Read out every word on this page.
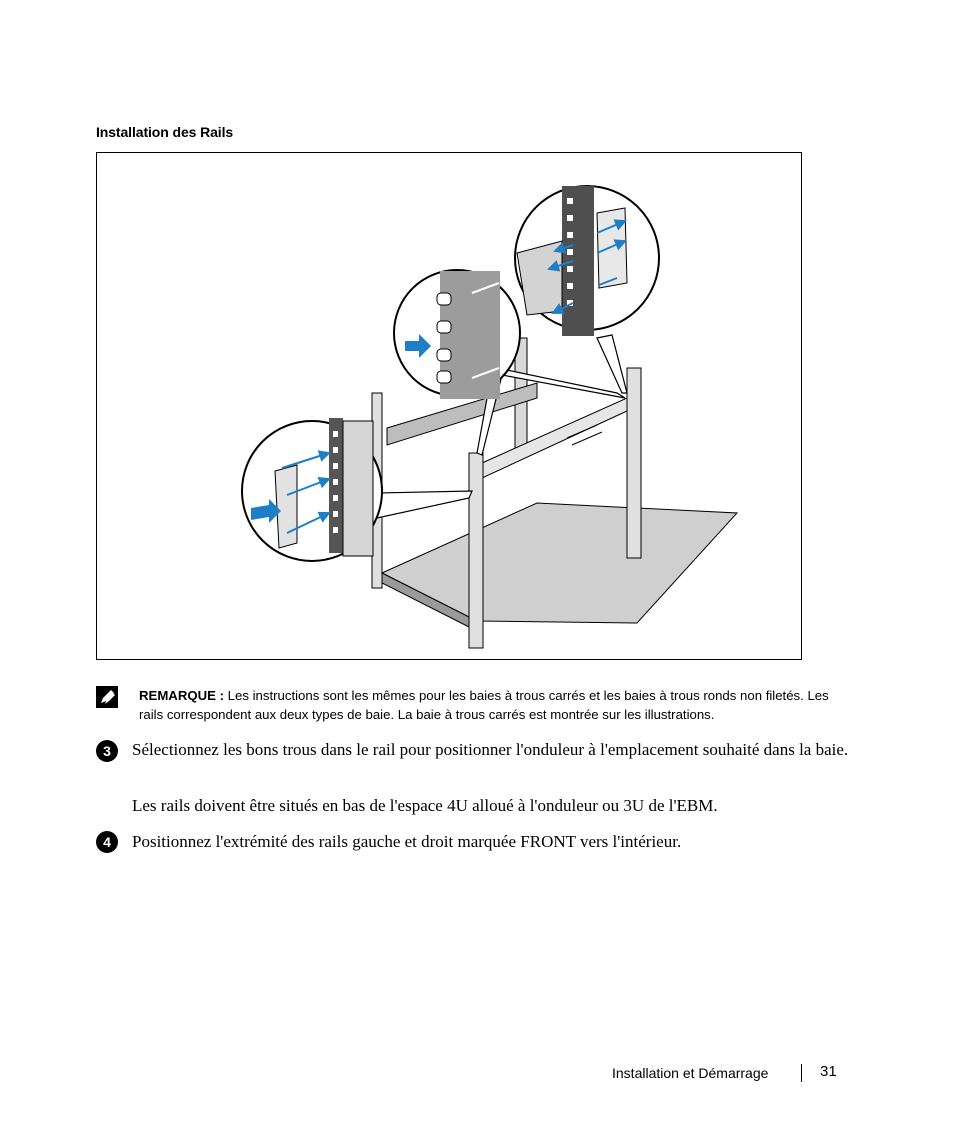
Installation des Rails
REMARQUE : Les instructions sont les mêmes pour les baies à trous carrés et les baies à trous ronds non filetés. Les rails correspondent aux deux types de baie. La baie à trous carrés est montrée sur les illustrations.
3	Sélectionnez les bons trous dans le rail pour positionner l'onduleur à l'emplacement souhaité dans la baie.
Les rails doivent être situés en bas de l'espace 4U alloué à l'onduleur ou 3U de l'EBM.
4	Positionnez l'extrémité des rails gauche et droit marquée FRONT vers l'intérieur.
Installation et Démarrage	31
